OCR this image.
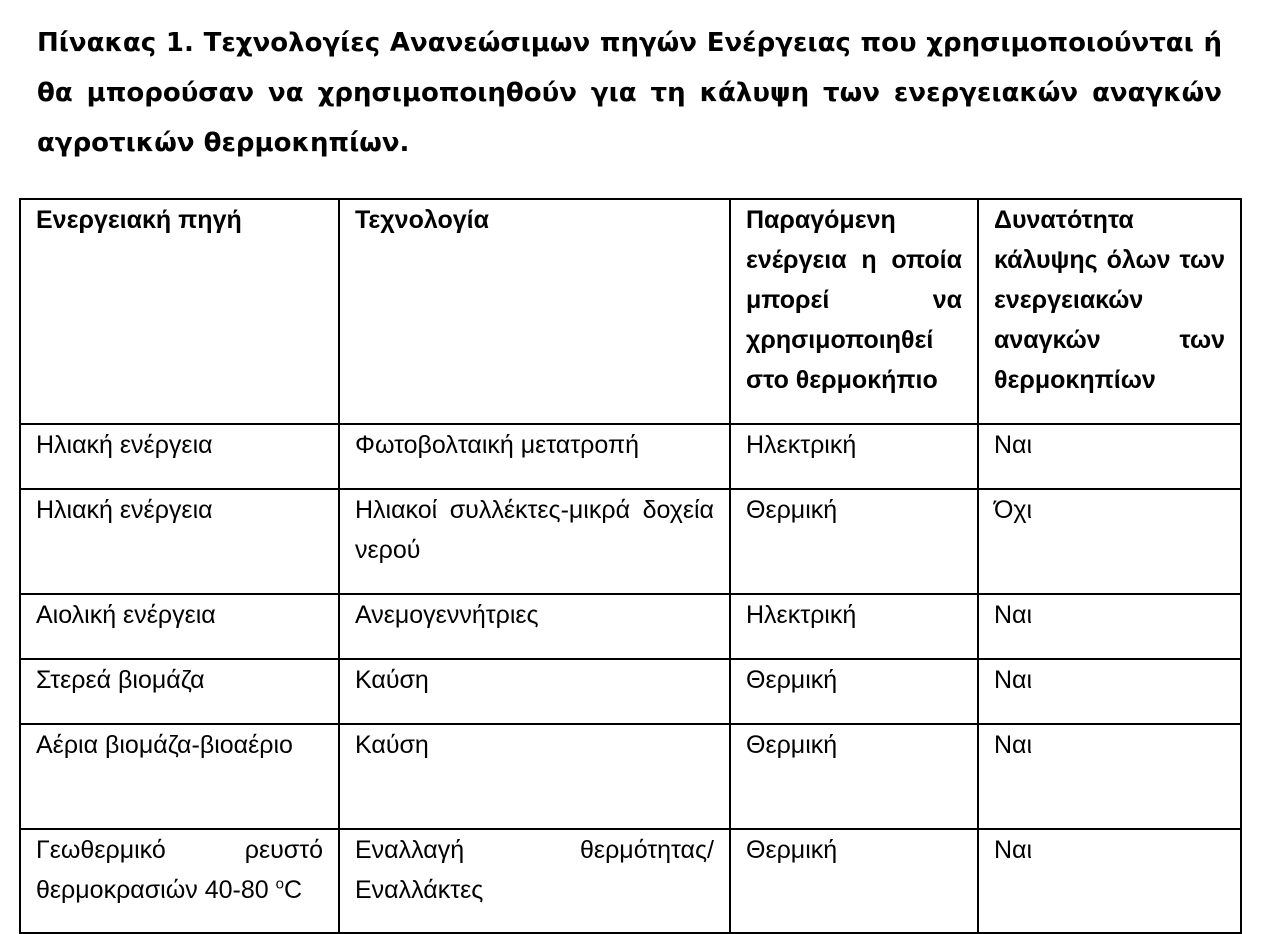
Πίνακας 1. Τεχνολογίες Ανανεώσιμων πηγών Ενέργειας που χρησιμοποιούνται ή θα μπορούσαν να χρησιμοποιηθούν για τη κάλυψη των ενεργειακών αναγκών αγροτικών θερμοκηπίων.
Ενεργειακή πηγή	Τεχνολογία	Παραγόμενη ενέργεια η οποία μπορεί να χρησιμοποιηθεί στο θερμοκήπιο	Δυνατότητα κάλυψης όλων των ενεργειακών αναγκών των θερμοκηπίων
Ηλιακή ενέργεια	Φωτοβολταική μετατροπή	Ηλεκτρική	Ναι
Ηλιακή ενέργεια	Ηλιακοί συλλέκτες-μικρά δοχεία νερού	Θερμική	Όχι
Αιολική ενέργεια	Ανεμογεννήτριες	Ηλεκτρική	Ναι
Στερεά βιομάζα	Καύση	Θερμική	Ναι
Αέρια βιομάζα-βιοαέριο	Καύση	Θερμική	Ναι
Γεωθερμικό ρευστό θερμοκρασιών 40-80 $^o$C	Εναλλαγή θερμότητας/Εναλλάκτες	Θερμική	Ναι
